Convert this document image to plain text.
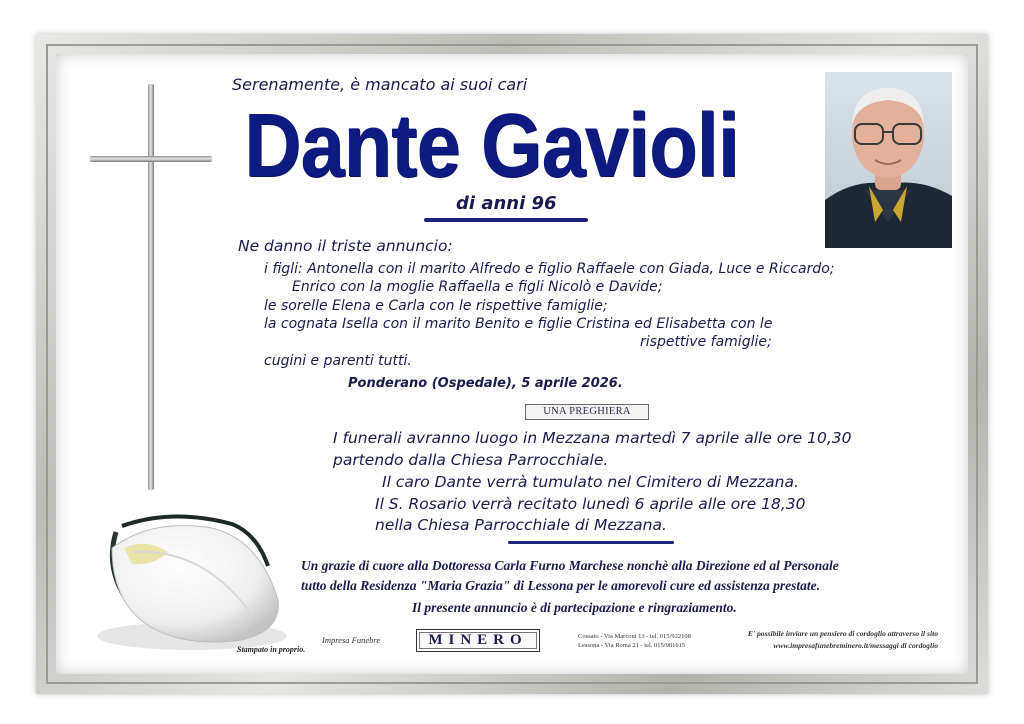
Serenamente, è mancato ai suoi cari
Dante Gavioli
di anni 96
Ne danno il triste annuncio:
i figli: Antonella con il marito Alfredo e figlio Raffaele con Giada, Luce e Riccardo;
Enrico con la moglie Raffaella e figli Nicolò e Davide;
le sorelle Elena e Carla con le rispettive famiglie;
la cognata Isella con il marito Benito e figlie Cristina ed Elisabetta con le
rispettive famiglie;
cugini e parenti tutti.
Ponderano (Ospedale), 5 aprile 2026.
UNA PREGHIERA
I funerali avranno luogo in Mezzana martedì 7 aprile alle ore 10,30
partendo dalla Chiesa Parrocchiale.
Il caro Dante verrà tumulato nel Cimitero di Mezzana.
Il S. Rosario verrà recitato lunedì 6 aprile alle ore 18,30
nella Chiesa Parrocchiale di Mezzana.
Un grazie di cuore alla Dottoressa Carla Furno Marchese nonchè alla Direzione ed al Personale
tutto della Residenza "Maria Grazia" di Lessona per le amorevoli cure ed assistenza prestate.
Il presente annuncio è di partecipazione e ringraziamento.
Stampato in proprio.
Impresa Funebre	MINERO	Cossato - Via Marconi 13 - tel. 015/922108
Lessona - Via Roma 21 - tel. 015/981615
E' possibile inviare un pensiero di cordoglio attraverso il sito
www.impresafunebreminero.it/messaggi di cordoglio
